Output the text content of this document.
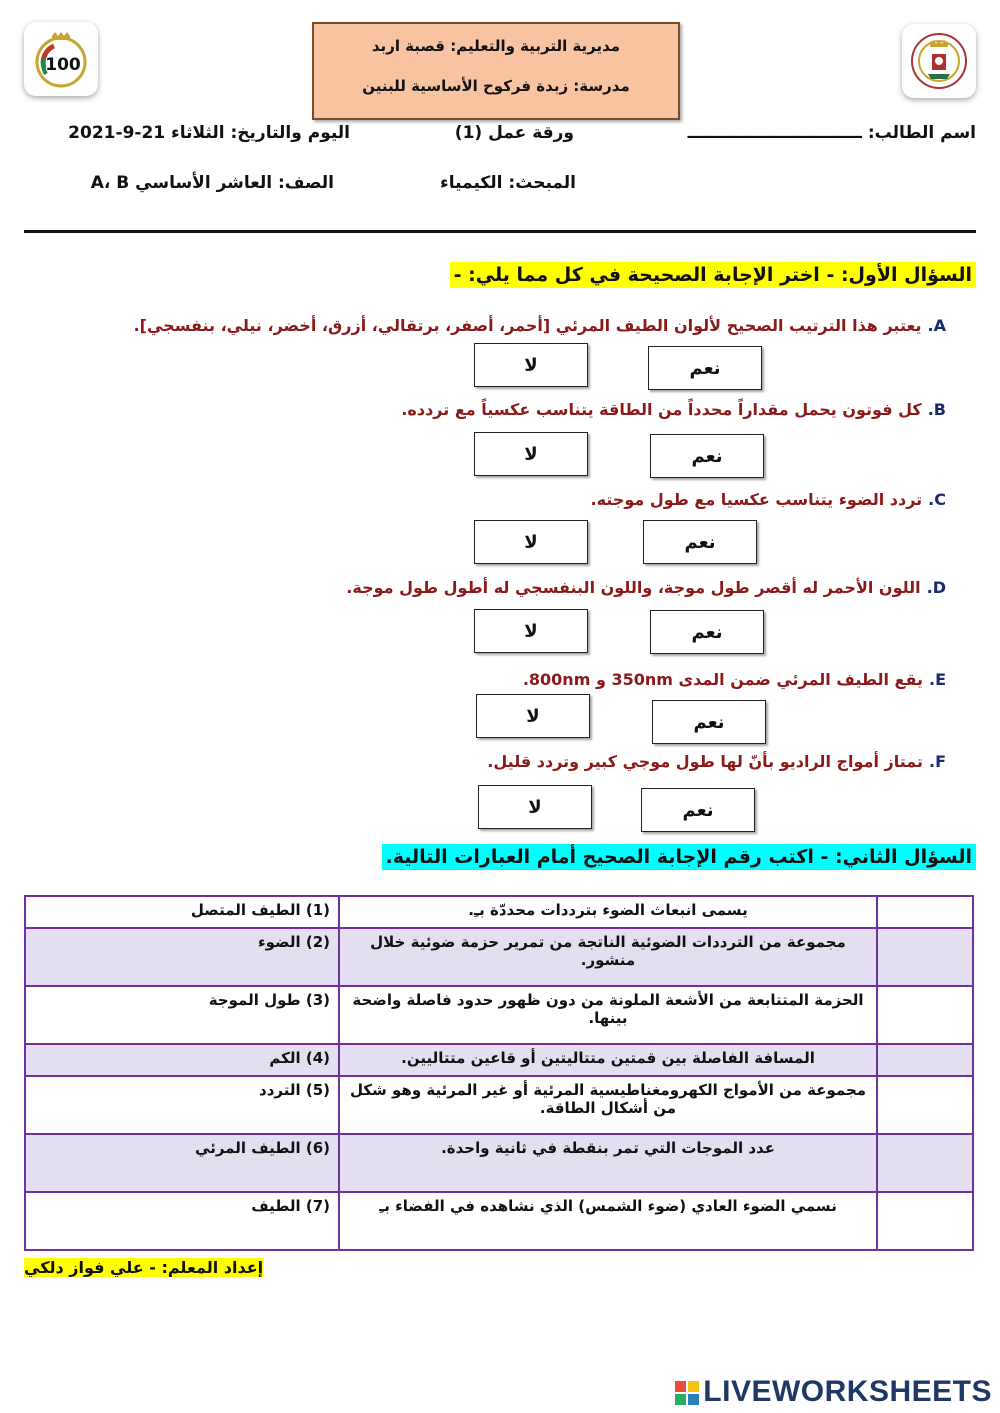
100
مديرية التربية والتعليم: قصبة اربد
مدرسة: زبدة فركوح الأساسية للبنين
اسم الطالب: ــــــــــــــــــــــــــــــ
ورقة عمل (1)
اليوم والتاريخ: الثلاثاء 21-9-2021
المبحث: الكيمياء
الصف: العاشر الأساسي A، B
السؤال الأول: - اختر الإجابة الصحيحة في كل مما يلي: -
A.يعتبر هذا الترتيب الصحيح لألوان الطيف المرئي [أحمر، أصفر، برتقالي، أزرق، أخضر، نيلي، بنفسجي].
نعم
لا
B.كل فوتون يحمل مقداراً محدداً من الطاقة يتناسب عكسياً مع تردده.
نعم
لا
C.تردد الضوء يتناسب عكسيا مع طول موجته.
نعم
لا
D.اللون الأحمر له أقصر طول موجة، واللون البنفسجي له أطول طول موجة.
نعم
لا
E.يقع الطيف المرئي ضمن المدى 350nm و 800nm.
نعم
لا
F.تمتاز أمواج الراديو بأنّ لها طول موجي كبير وتردد قليل.
نعم
لا
السؤال الثاني: - اكتب رقم الإجابة الصحيح أمام العبارات التالية.
	يسمى انبعاث الضوء بترددات محددّة بـِ.	(1) الطيف المتصل
	مجموعة من الترددات الضوئية الناتجة من تمرير حزمة ضوئية خلال منشور.	(2) الضوء
	الحزمة المتتابعة من الأشعة الملونة من دون ظهور حدود فاصلة واضحة بينها.	(3) طول الموجة
	المسافة الفاصلة بين قمتين متتاليتين أو قاعين متتاليين.	(4) الكم
	مجموعة من الأمواج الكهرومغناطيسية المرئية أو غير المرئية وهو شكل من أشكال الطاقة.	(5) التردد
	عدد الموجات التي تمر بنقطة في ثانية واحدة.	(6) الطيف المرئي
	نسمي الضوء العادي (ضوء الشمس) الذي نشاهده في الفضاء بـِ	(7) الطيف
إعداد المعلم: - علي فواز دلكي
LIVEWORKSHEETS
